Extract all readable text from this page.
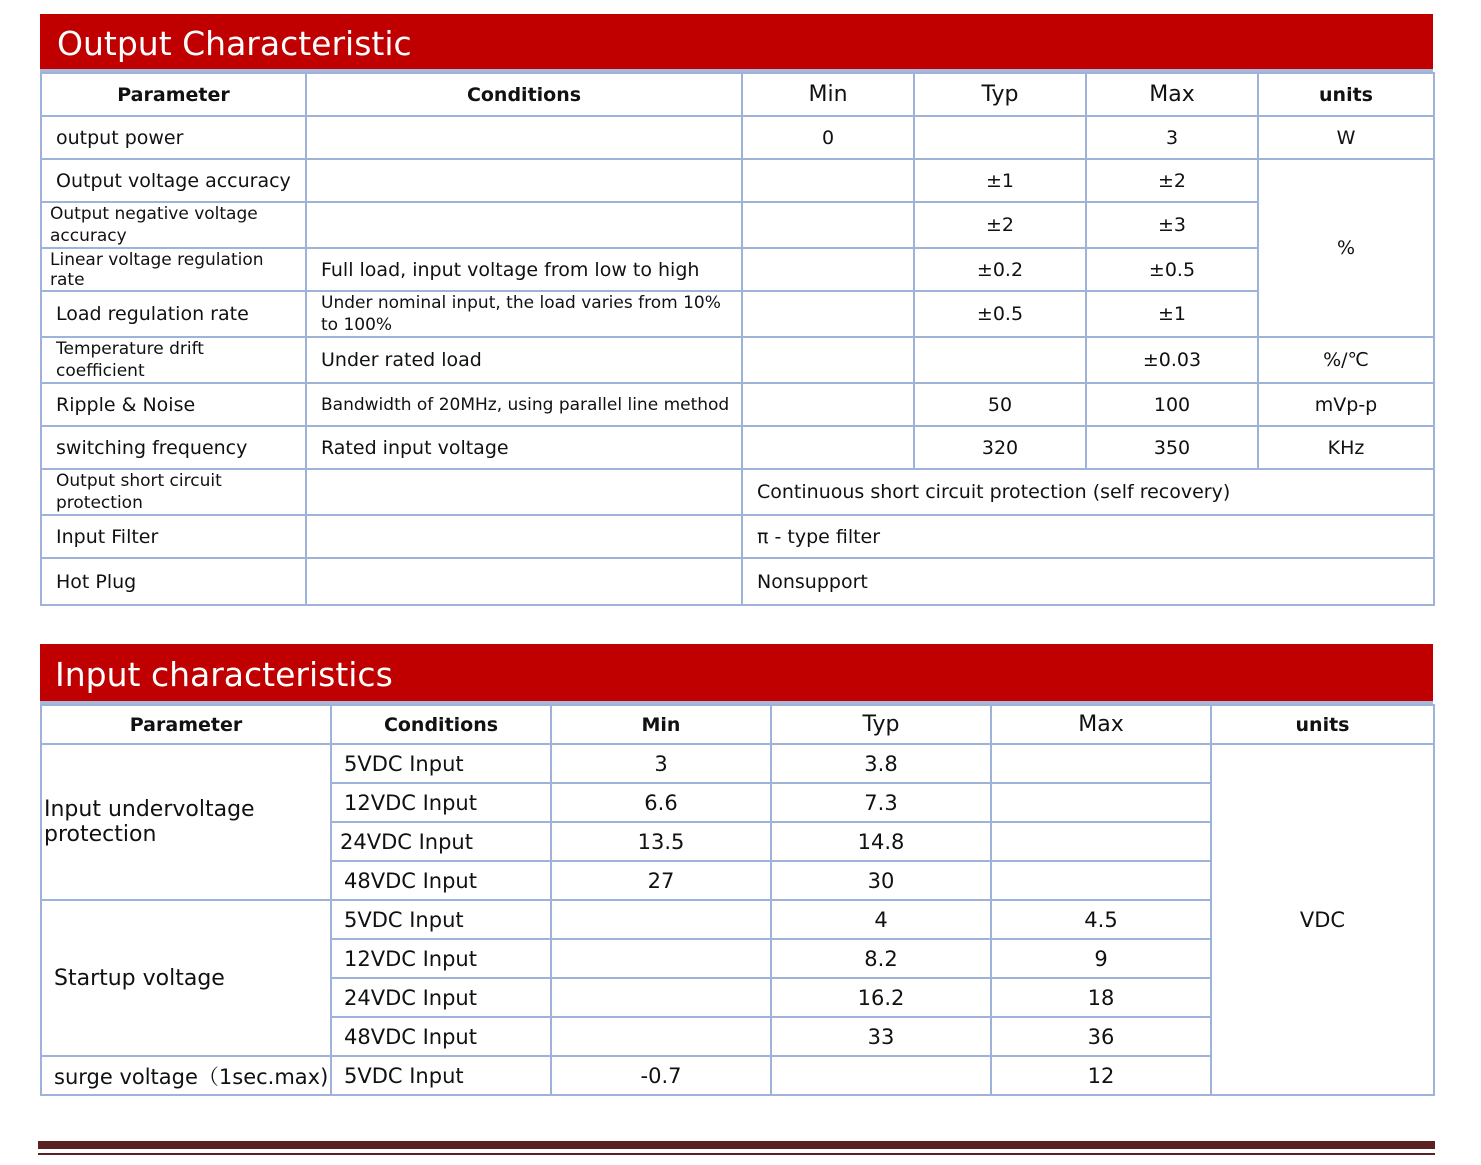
Output Characteristic
Parameter	Conditions	Min	Typ	Max	units
output power		0		3	W
Output voltage accuracy			±1	±2	%
Output negative voltage accuracy			±2	±3	
Linear voltage regulation rate	Full load, input voltage from low to high		±0.2	±0.5	
Load regulation rate	Under nominal input, the load varies from 10% to 100%		±0.5	±1	
Temperature drift coefficient	Under rated load			±0.03	%/℃
Ripple & Noise	Bandwidth of 20MHz, using parallel line method		50	100	mVp-p
switching frequency	Rated input voltage		320	350	KHz
Output short circuit protection		Continuous short circuit protection (self recovery)			
Input Filter		π - type filter			
Hot Plug		Nonsupport			
Input characteristics
Parameter	Conditions	Min	Typ	Max	units
Input undervoltage protection	5VDC Input	3	3.8		VDC
	12VDC Input	6.6	7.3		
	24VDC Input	13.5	14.8		
	48VDC Input	27	30		
Startup voltage	5VDC Input		4	4.5	
	12VDC Input		8.2	9	
	24VDC Input		16.2	18	
	48VDC Input		33	36	
surge voltage（1sec.max)	5VDC Input	-0.7		12	
